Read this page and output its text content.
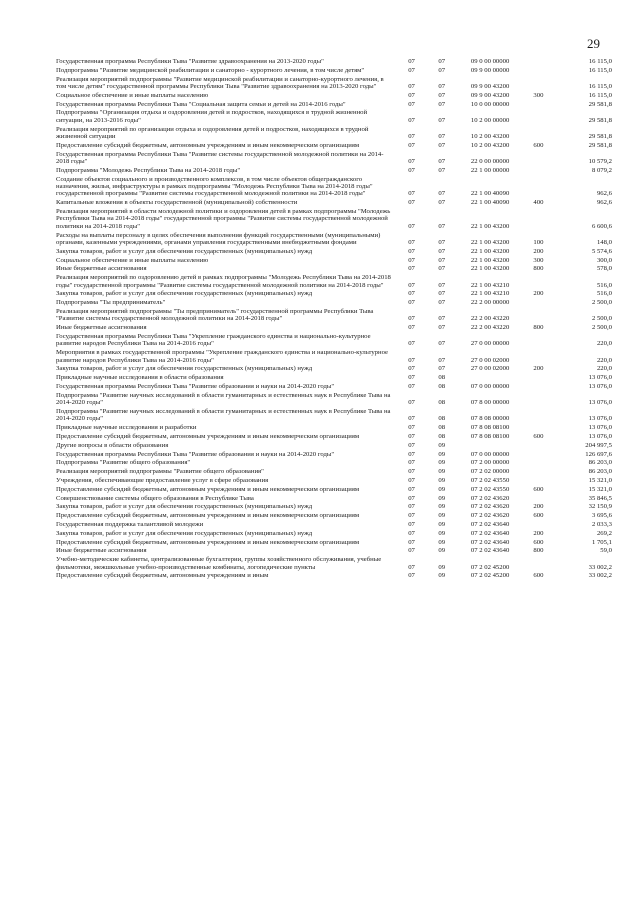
29
Государственная программа Республики Тыва "Развитие здравоохранения на 2013-2020 годы"	07	07	09 0 00 00000		16 115,0
Подпрограмма "Развитие медицинской реабилитации и санаторно - курортного лечения, в том числе детям"	07	07	09 9 00 00000		16 115,0
Реализация мероприятий подпрограммы "Развитие медицинской реабилитации и санаторно-курортного лечения, в том числе детям" государственной программы Республики Тыва "Развитие здравоохранения на 2013-2020 годы"	07	07	09 9 00 43200		16 115,0
Социальное обеспечение и иные выплаты населению	07	07	09 9 00 43200	300	16 115,0
Государственная программа Республики Тыва "Социальная защита семьи и детей на 2014-2016 годы"	07	07	10 0 00 00000		29 581,8
Подпрограмма "Организация отдыха и оздоровления детей и подростков, находящихся в трудной жизненной ситуации, на 2013-2016 годы"	07	07	10 2 00 00000		29 581,8
Реализация мероприятий по организации отдыха и оздоровления детей и подростков, находящихся в трудной жизненной ситуации	07	07	10 2 00 43200		29 581,8
Предоставление субсидий бюджетным, автономным учреждениям и иным некоммерческим организациям	07	07	10 2 00 43200	600	29 581,8
Государственная программа Республики Тыва "Развитие системы государственной молодежной политики на 2014-2018 годы"	07	07	22 0 00 00000		10 579,2
Подпрограмма "Молодежь Республики Тыва на 2014-2018 годы"	07	07	22 1 00 00000		8 079,2
Создание объектов социального и производственного комплексов, в том числе объектов общегражданского назначения, жилья, инфраструктуры в рамках подпрограммы "Молодежь Республики Тыва на 2014-2018 годы" государственной программы "Развитие системы государственной молодежной политики на 2014-2018 годы"	07	07	22 1 00 40090		962,6
Капитальные вложения в объекты государственной (муниципальной) собственности	07	07	22 1 00 40090	400	962,6
Реализация мероприятий в области молодежной политики и оздоровления детей в рамках подпрограммы "Молодежь Республики Тыва на 2014-2018 годы" государственной программы "Развитие системы государственной молодежной политики на 2014-2018 годы"	07	07	22 1 00 43200		6 600,6
Расходы на выплаты персоналу в целях обеспечения выполнения функций государственными (муниципальными) органами, казенными учреждениями, органами управления государственными внебюджетными фондами	07	07	22 1 00 43200	100	148,0
Закупка товаров, работ и услуг для обеспечения государственных (муниципальных) нужд	07	07	22 1 00 43200	200	5 574,6
Социальное обеспечение и иные выплаты населению	07	07	22 1 00 43200	300	300,0
Иные бюджетные ассигнования	07	07	22 1 00 43200	800	578,0
Реализация мероприятий по оздоровлению детей в рамках подпрограммы "Молодежь Республики Тыва на 2014-2018 годы" государственной программы "Развитие системы государственной молодежной политики на 2014-2018 годы"	07	07	22 1 00 43210		516,0
Закупка товаров, работ и услуг для обеспечения государственных (муниципальных) нужд	07	07	22 1 00 43210	200	516,0
Подпрограмма "Ты предприниматель"	07	07	22 2 00 00000		2 500,0
Реализация мероприятий подпрограммы "Ты предприниматель" государственной программы Республики Тыва "Развитие системы государственной молодежной политики на 2014-2018 годы"	07	07	22 2 00 43220		2 500,0
Иные бюджетные ассигнования	07	07	22 2 00 43220	800	2 500,0
Государственная программа Республики Тыва "Укрепление гражданского единства и национально-культурное развитие народов Республики Тыва на 2014-2016 годы"	07	07	27 0 00 00000		220,0
Мероприятия в рамках государственной программы "Укрепление гражданского единства и национально-культурное развитие народов Республики Тыва на 2014-2016 годы"	07	07	27 0 00 02000		220,0
Закупка товаров, работ и услуг для обеспечения государственных (муниципальных) нужд	07	07	27 0 00 02000	200	220,0
Прикладные научные исследования в области образования	07	08			13 076,0
Государственная программа Республики Тыва "Развитие образования и науки на 2014-2020 годы"	07	08	07 0 00 00000		13 076,0
Подпрограмма "Развитие научных исследований в области гуманитарных и естественных наук в Республике Тыва на 2014-2020 годы"	07	08	07 8 00 00000		13 076,0
Подпрограмма "Развитие научных исследований в области гуманитарных и естественных наук в Республике Тыва на 2014-2020 годы"	07	08	07 8 08 00000		13 076,0
Прикладные научные исследования и разработки	07	08	07 8 08 08100		13 076,0
Предоставление субсидий бюджетным, автономным учреждениям и иным некоммерческим организациям	07	08	07 8 08 08100	600	13 076,0
Другие вопросы в области образования	07	09			204 997,5
Государственная программа Республики Тыва "Развитие образования и науки на 2014-2020 годы"	07	09	07 0 00 00000		126 697,6
Подпрограмма "Развитие общего образования"	07	09	07 2 00 00000		86 203,0
Реализация мероприятий подпрограммы "Развитие общего образования"	07	09	07 2 02 00000		86 203,0
Учреждения, обеспечивающие предоставление услуг в сфере образования	07	09	07 2 02 43550		15 321,0
Предоставление субсидий бюджетным, автономным учреждениям и иным некоммерческим организациям	07	09	07 2 02 43550	600	15 321,0
Совершенствование системы общего образования в Республике Тыва	07	09	07 2 02 43620		35 846,5
Закупка товаров, работ и услуг для обеспечения государственных (муниципальных) нужд	07	09	07 2 02 43620	200	32 150,9
Предоставление субсидий бюджетным, автономным учреждениям и иным некоммерческим организациям	07	09	07 2 02 43620	600	3 695,6
Государственная поддержка талантливой молодежи	07	09	07 2 02 43640		2 033,3
Закупка товаров, работ и услуг для обеспечения государственных (муниципальных) нужд	07	09	07 2 02 43640	200	269,2
Предоставление субсидий бюджетным, автономным учреждениям и иным некоммерческим организациям	07	09	07 2 02 43640	600	1 705,1
Иные бюджетные ассигнования	07	09	07 2 02 43640	800	59,0
Учебно-методические кабинеты, централизованные бухгалтерии, группы хозяйственного обслуживания, учебные фильмотеки, межшкольные учебно-производственные комбинаты, логопедические пункты	07	09	07 2 02 45200		33 002,2
Предоставление субсидий бюджетным, автономным учреждениям и иным	07	09	07 2 02 45200	600	33 002,2
